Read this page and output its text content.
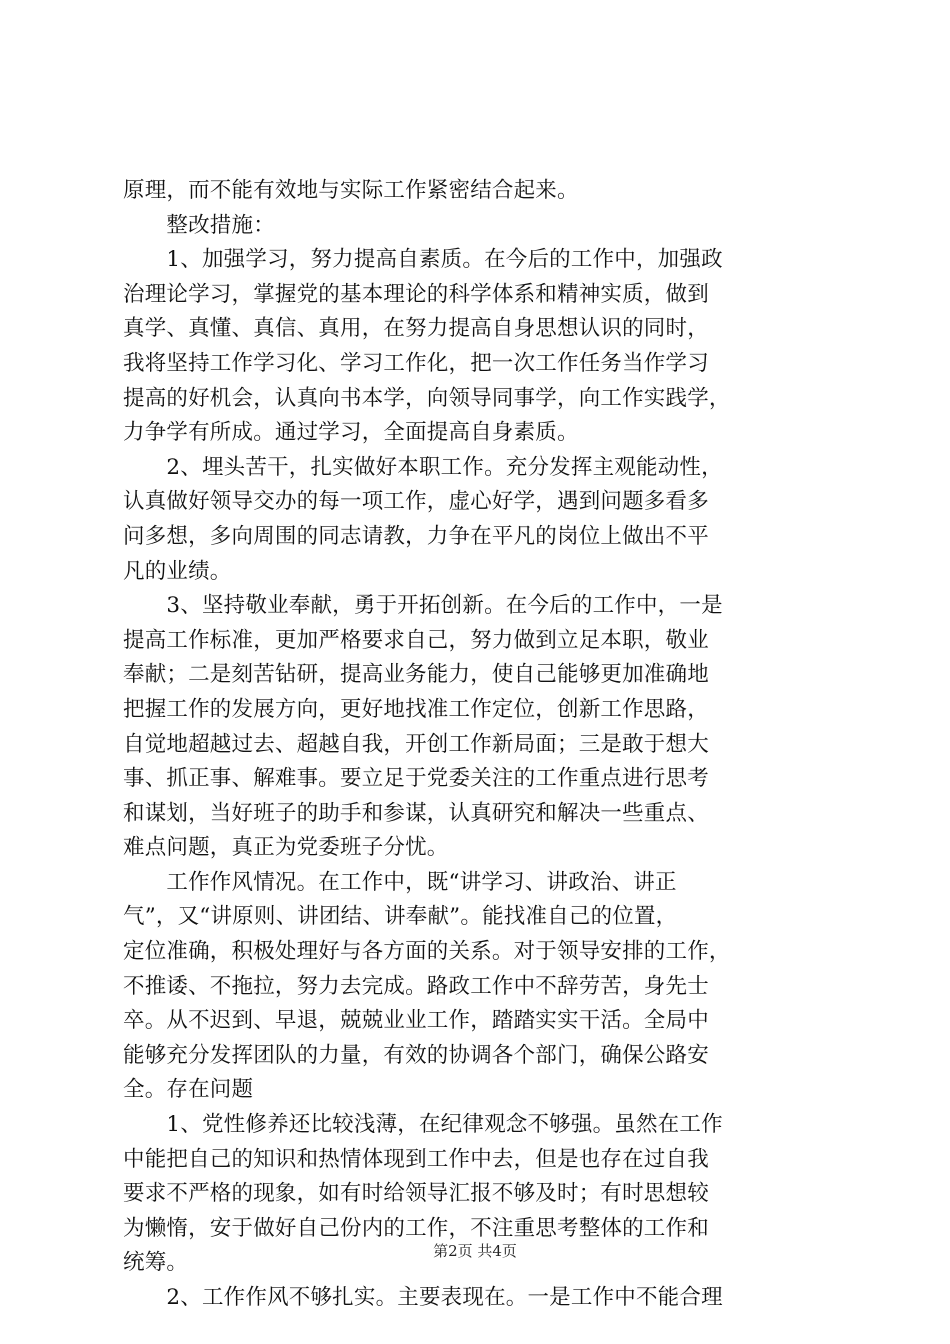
原理，而不能有效地与实际工作紧密结合起来。
　　整改措施：
　　1、加强学习，努力提高自素质。在今后的工作中，加强政
治理论学习，掌握党的基本理论的科学体系和精神实质，做到
真学、真懂、真信、真用，在努力提高自身思想认识的同时，
我将坚持工作学习化、学习工作化，把一次工作任务当作学习
提高的好机会，认真向书本学，向领导同事学，向工作实践学，
力争学有所成。通过学习，全面提高自身素质。
　　2、埋头苦干，扎实做好本职工作。充分发挥主观能动性，
认真做好领导交办的每一项工作，虚心好学，遇到问题多看多
问多想，多向周围的同志请教，力争在平凡的岗位上做出不平
凡的业绩。
　　3、坚持敬业奉献，勇于开拓创新。在今后的工作中，一是
提高工作标准，更加严格要求自己，努力做到立足本职，敬业
奉献；二是刻苦钻研，提高业务能力，使自己能够更加准确地
把握工作的发展方向，更好地找准工作定位，创新工作思路，
自觉地超越过去、超越自我，开创工作新局面；三是敢于想大
事、抓正事、解难事。要立足于党委关注的工作重点进行思考
和谋划，当好班子的助手和参谋，认真研究和解决一些重点、
难点问题，真正为党委班子分忧。
　　工作作风情况。在工作中，既“讲学习、讲政治、讲正
气”，又“讲原则、讲团结、讲奉献”。能找准自己的位置，
定位准确，积极处理好与各方面的关系。对于领导安排的工作，
不推诿、不拖拉，努力去完成。路政工作中不辞劳苦，身先士
卒。从不迟到、早退，兢兢业业工作，踏踏实实干活。全局中
能够充分发挥团队的力量，有效的协调各个部门，确保公路安
全。存在问题
　　1、党性修养还比较浅薄，在纪律观念不够强。虽然在工作
中能把自己的知识和热情体现到工作中去，但是也存在过自我
要求不严格的现象，如有时给领导汇报不够及时；有时思想较
为懒惰，安于做好自己份内的工作，不注重思考整体的工作和
统筹。
　　2、工作作风不够扎实。主要表现在。一是工作中不能合理
第2页 共4页
